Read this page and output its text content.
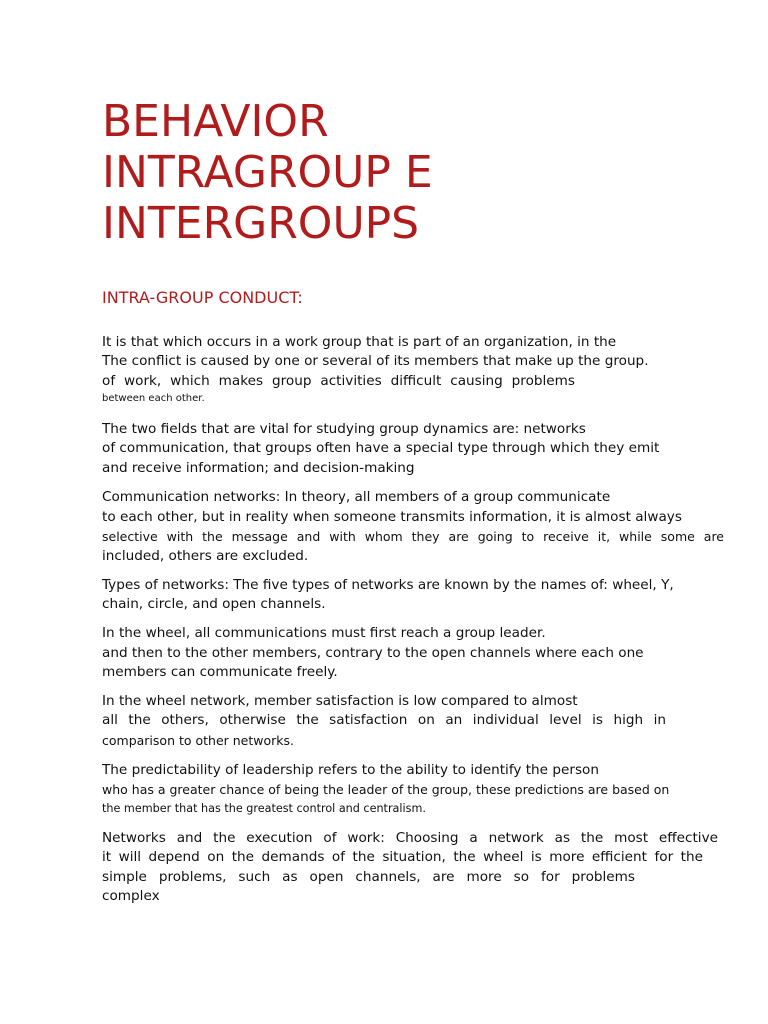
BEHAVIOR
INTRAGROUP E
INTERGROUPS
INTRA-GROUP CONDUCT:
It is that which occurs in a work group that is part of an organization, in the
The conflict is caused by one or several of its members that make up the group.
of work, which makes group activities difficult causing problems
between each other.
The two fields that are vital for studying group dynamics are: networks
of communication, that groups often have a special type through which they emit
and receive information; and decision-making
Communication networks: In theory, all members of a group communicate
to each other, but in reality when someone transmits information, it is almost always
selective with the message and with whom they are going to receive it, while some are
included, others are excluded.
Types of networks: The five types of networks are known by the names of: wheel, Y,
chain, circle, and open channels.
In the wheel, all communications must first reach a group leader.
and then to the other members, contrary to the open channels where each one
members can communicate freely.
In the wheel network, member satisfaction is low compared to almost
all the others, otherwise the satisfaction on an individual level is high in
comparison to other networks.
The predictability of leadership refers to the ability to identify the person
who has a greater chance of being the leader of the group, these predictions are based on
the member that has the greatest control and centralism.
Networks and the execution of work: Choosing a network as the most effective
it will depend on the demands of the situation, the wheel is more efficient for the
simple problems, such as open channels, are more so for problems
complex
